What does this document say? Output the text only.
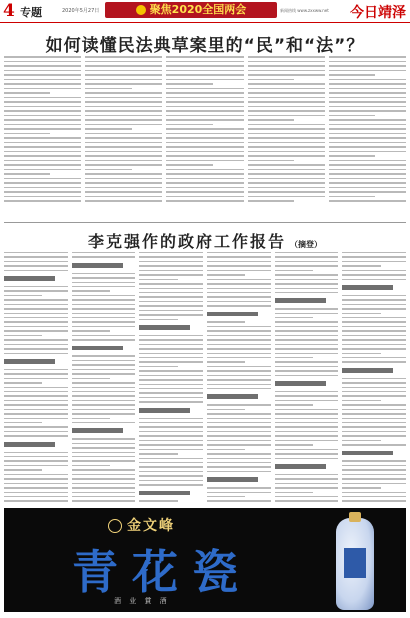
4 专题	2020年5月27日	聚焦2020全国两会	新闻热线 www.zxxww.net 今日靖泽
如何读懂民法典草案里的“民”和“法”？
李克强作的政府工作报告 （摘登）
金文峰
青花瓷
酒 业 賞 酒
